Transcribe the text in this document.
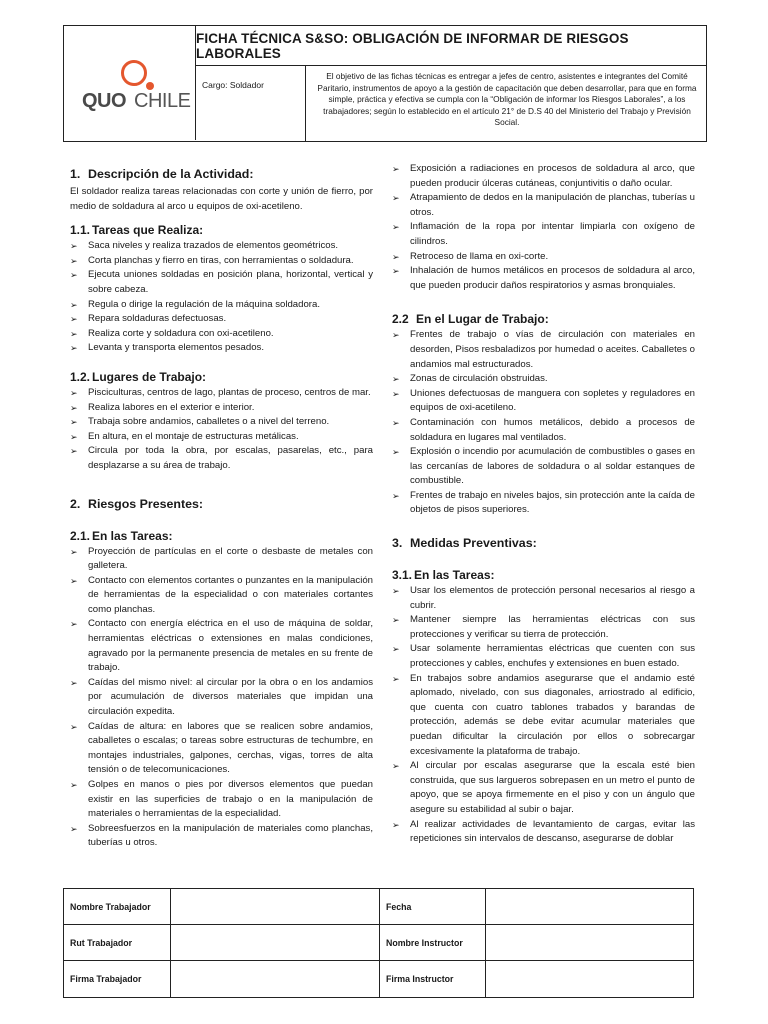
QUO CHILE
FICHA TÉCNICA S&SO: OBLIGACIÓN DE INFORMAR DE RIESGOS LABORALES
Cargo: Soldador
El objetivo de las fichas técnicas es entregar a jefes de centro, asistentes e integrantes del Comité Paritario, instrumentos de apoyo a la gestión de capacitación que deben desarrollar, para que en forma simple, práctica y efectiva se cumpla con la “Obligación de informar los Riesgos Laborales”, a los trabajadores; según lo establecido en el artículo 21° de D.S 40 del Ministerio del Trabajo y Previsión Social.
1. Descripción de la Actividad:

El soldador realiza tareas relacionadas con corte y unión de fierro, por medio de soldadura al arco u equipos de oxi-acetileno.

1.1. Tareas que Realiza:
➢ Saca niveles y realiza trazados de elementos geométricos.
➢ Corta planchas y fierro en tiras, con herramientas o soldadura.
➢ Ejecuta uniones soldadas en posición plana, horizontal, vertical y sobre cabeza.
➢ Regula o dirige la regulación de la máquina soldadora.
➢ Repara soldaduras defectuosas.
➢ Realiza corte y soldadura con oxi-acetileno.
➢ Levanta y transporta elementos pesados.
1.2. Lugares de Trabajo:
➢ Pisciculturas, centros de lago, plantas de proceso, centros de mar.
➢ Realiza labores en el exterior e interior.
➢ Trabaja sobre andamios, caballetes o a nivel del terreno.
➢ En altura, en el montaje de estructuras metálicas.
➢ Circula por toda la obra, por escalas, pasarelas, etc., para desplazarse a su área de trabajo.
2. Riesgos Presentes:
2.1. En las Tareas:
➢ Proyección de partículas en el corte o desbaste de metales con galletera.
➢ Contacto con elementos cortantes o punzantes en la manipulación de herramientas de la especialidad o con materiales cortantes como planchas.
➢ Contacto con energía eléctrica en el uso de máquina de soldar, herramientas eléctricas o extensiones en malas condiciones, agravado por la permanente presencia de metales en su frente de trabajo.
➢ Caídas del mismo nivel: al circular por la obra o en los andamios por acumulación de diversos materiales que impidan una circulación expedita.
➢ Caídas de altura: en labores que se realicen sobre andamios, caballetes o escalas; o tareas sobre estructuras de techumbre, en montajes industriales, galpones, cerchas, vigas, torres de alta tensión o de telecomunicaciones.
➢ Golpes en manos o pies por diversos elementos que puedan existir en las superficies de trabajo o en la manipulación de materiales o herramientas de la especialidad.
➢ Sobreesfuerzos en la manipulación de materiales como planchas, tuberías u otros.
➢ Exposición a radiaciones en procesos de soldadura al arco, que pueden producir úlceras cutáneas, conjuntivitis o daño ocular.
➢ Atrapamiento de dedos en la manipulación de planchas, tuberías u otros.
➢ Inflamación de la ropa por intentar limpiarla con oxígeno de cilindros.
➢ Retroceso de llama en oxi-corte.
➢ Inhalación de humos metálicos en procesos de soldadura al arco, que pueden producir daños respiratorios y asmas bronquiales.
2.2 En el Lugar de Trabajo:
➢ Frentes de trabajo o vías de circulación con materiales en desorden, Pisos resbaladizos por humedad o aceites. Caballetes o andamios mal estructurados.
➢ Zonas de circulación obstruidas.
➢ Uniones defectuosas de manguera con sopletes y reguladores en equipos de oxi-acetileno.
➢ Contaminación con humos metálicos, debido a procesos de soldadura en lugares mal ventilados.
➢ Explosión o incendio por acumulación de combustibles o gases en las cercanías de labores de soldadura o al soldar estanques de combustible.
➢ Frentes de trabajo en niveles bajos, sin protección ante la caída de objetos de pisos superiores.
3. Medidas Preventivas:
3.1. En las Tareas:
➢ Usar los elementos de protección personal necesarios al riesgo a cubrir.
➢ Mantener siempre las herramientas eléctricas con sus protecciones y verificar su tierra de protección.
➢ Usar solamente herramientas eléctricas que cuenten con sus protecciones y cables, enchufes y extensiones en buen estado.
➢ En trabajos sobre andamios asegurarse que el andamio esté aplomado, nivelado, con sus diagonales, arriostrado al edificio, que cuenta con cuatro tablones trabados y barandas de protección, además se debe evitar acumular materiales que puedan dificultar la circulación por ellos o sobrecargar excesivamente la plataforma de trabajo.
➢ Al circular por escalas asegurarse que la escala esté bien construida, que sus largueros sobrepasen en un metro el punto de apoyo, que se apoya firmemente en el piso y con un ángulo que asegure su estabilidad al subir o bajar.
➢ Al realizar actividades de levantamiento de cargas, evitar las repeticiones sin intervalos de descanso, asegurarse de doblar
Nombre Trabajador	Fecha
Rut Trabajador	Nombre Instructor
Firma Trabajador	Firma Instructor
